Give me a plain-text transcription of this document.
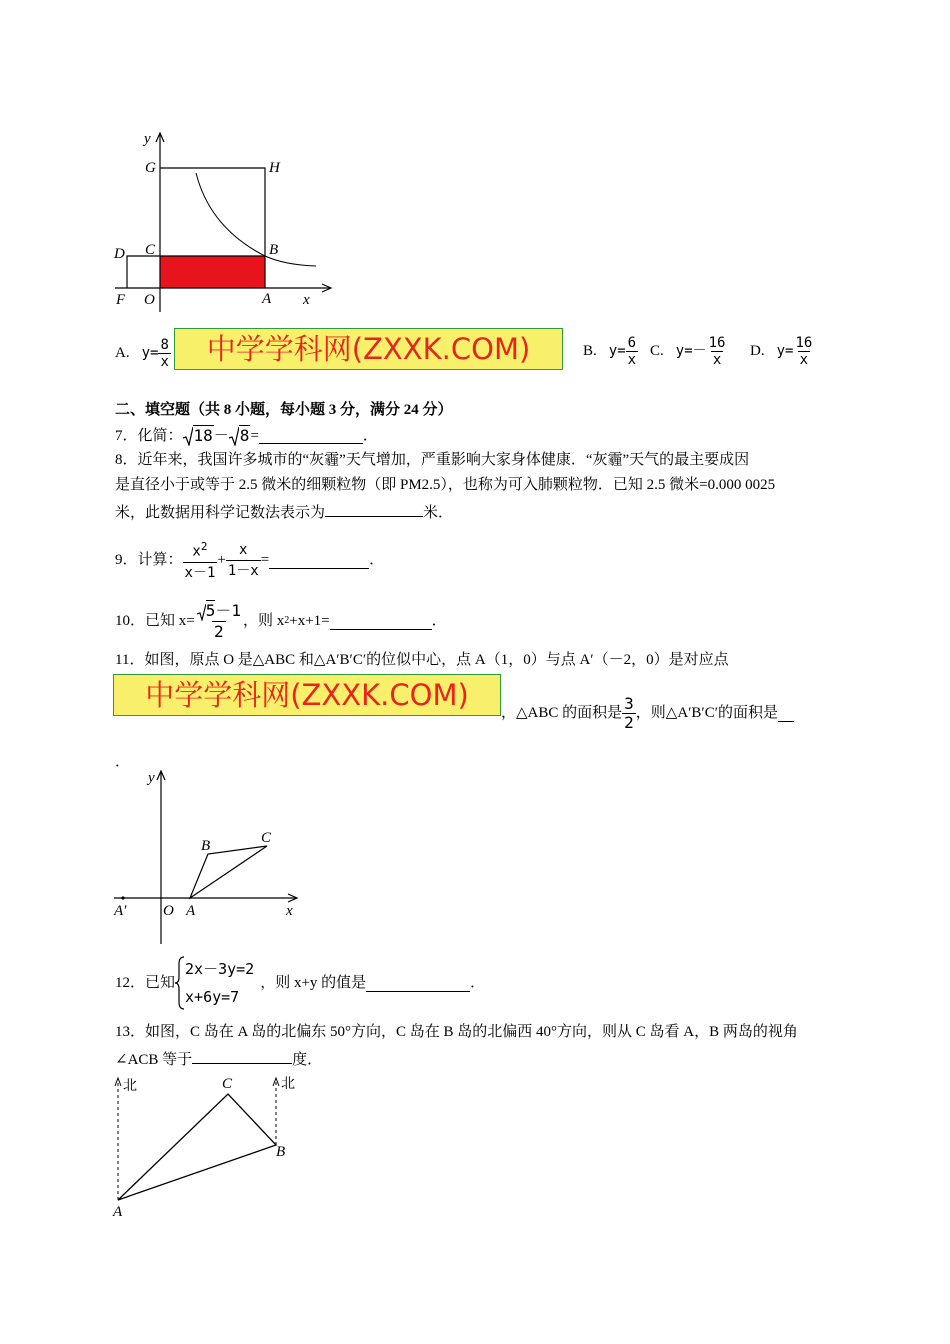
y
G	H
D C	B
F O	A x
A. $y= \frac{8}{x}$	中学学科网(ZXXK.COM)	B. $y= \frac{6}{x} C$. $y=- \frac{16}{x} D$. $y= \frac{16}{x}$
二、填空题（共 8 小题，每小题 3 分，满分 24 分）
7．化简： 18 － 8 =	．
8．近年来，我国许多城市的“灰霾”天气增加，严重影响大家身体健康．“灰霾”天气的最主要成因
是直径小于或等于 2.5 微米的细颗粒物（即 PM2.5），也称为可入肺颗粒物．已知 2.5 微米=0.000 0025
米，此数据用科学记数法表示为	米．
9．计算： $\frac{x^2}{x-1} + \frac{x}{1-x}$ =	．
10．已知 $x= \frac{5 -1}{2}$ ，则 x 2 +x+1=	．
11．如图，原点 O 是△ABC 和△A′B′C′的位似中心，点 A（1，0）与点 A′（－2，0）是对应点
中学学科网(ZXXK.COM)
，△ABC 的面积是 $\frac{3}{2}$ ，则△A′B′C′的面积是
．
y
B	C
A′ O A	x
12．已知
2x－3y=2
x+6y=7
，则 x+y 的值是	．
13．如图，C 岛在 A 岛的北偏东 50°方向，C 岛在 B 岛的北偏西 40°方向，则从 C 岛看 A，B 两岛的视角
∠ACB 等于	度．
北	北
C
B
A
